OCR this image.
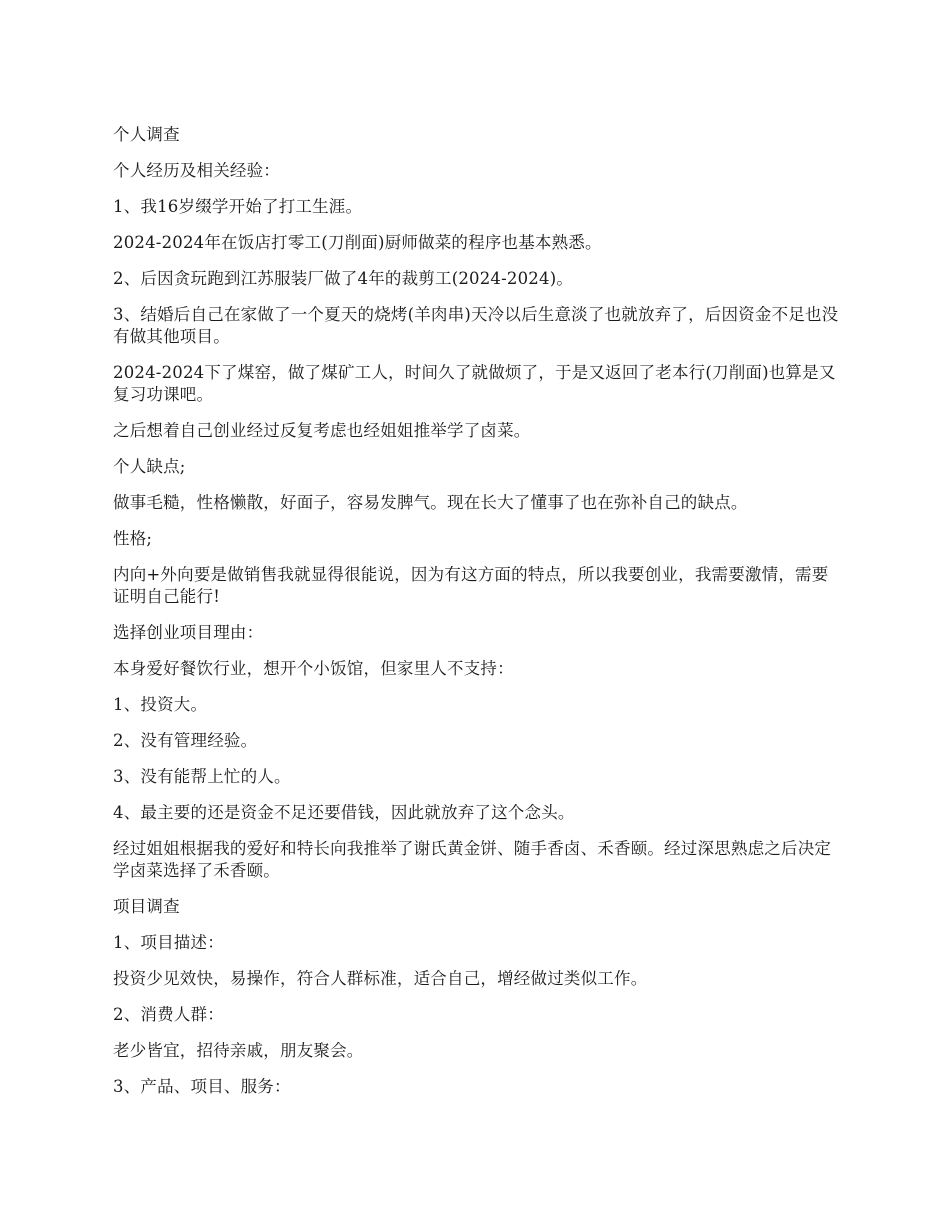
个人调查

个人经历及相关经验：

1、我16岁缀学开始了打工生涯。

2024-2024年在饭店打零工(刀削面)厨师做菜的程序也基本熟悉。

2、后因贪玩跑到江苏服装厂做了4年的裁剪工(2024-2024)。

3、结婚后自己在家做了一个夏天的烧烤(羊肉串)天冷以后生意淡了也就放弃了，后因资金不足也没有做其他项目。

2024-2024下了煤窑，做了煤矿工人，时间久了就做烦了，于是又返回了老本行(刀削面)也算是又复习功课吧。

之后想着自己创业经过反复考虑也经姐姐推举学了卤菜。

个人缺点;

做事毛糙，性格懒散，好面子，容易发脾气。现在长大了懂事了也在弥补自己的缺点。

性格;

内向+外向要是做销售我就显得很能说，因为有这方面的特点，所以我要创业，我需要激情，需要证明自己能行!

选择创业项目理由：

本身爱好餐饮行业，想开个小饭馆，但家里人不支持：

1、投资大。

2、没有管理经验。

3、没有能帮上忙的人。

4、最主要的还是资金不足还要借钱，因此就放弃了这个念头。

经过姐姐根据我的爱好和特长向我推举了谢氏黄金饼、随手香卤、禾香颐。经过深思熟虑之后决定学卤菜选择了禾香颐。

项目调查

1、项目描述：

投资少见效快，易操作，符合人群标准，适合自己，增经做过类似工作。

2、消费人群：

老少皆宜，招待亲戚，朋友聚会。

3、产品、项目、服务：
